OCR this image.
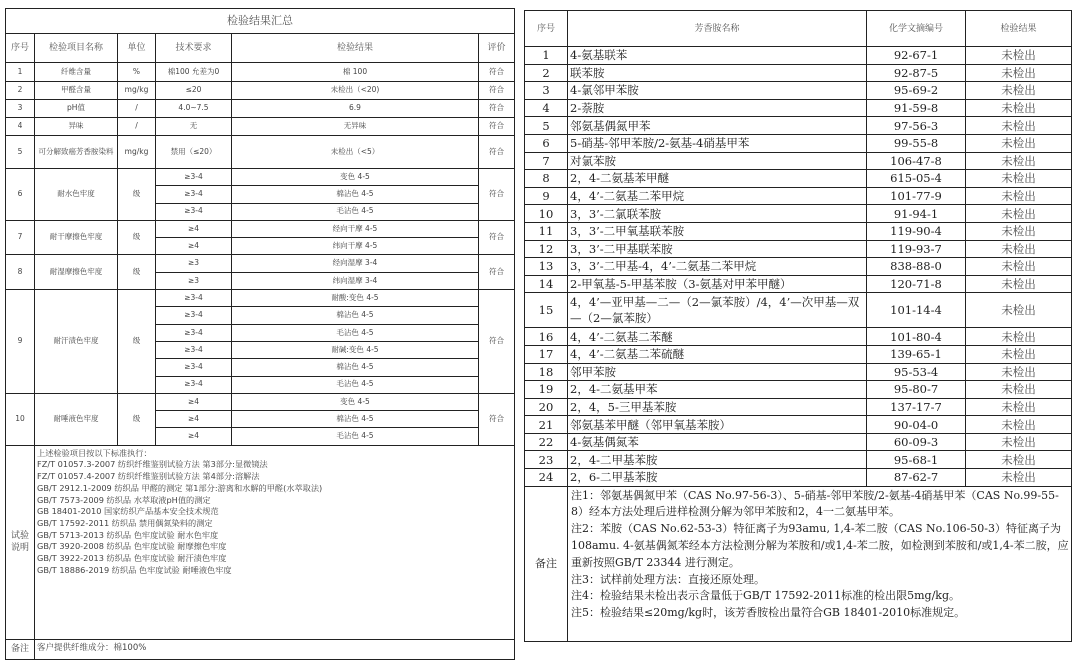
检验结果汇总					
序号	检验项目名称	单位	技术要求	检验结果	评价
1	纤维含量	%	棉100 允差为0	棉 100	符合
2	甲醛含量	mg/kg	≤20	未检出（<20)	符合
3	pH值	/	4.0~7.5	6.9	符合
4	异味	/	无	无异味	符合
5	可分解致癌芳香胺染料	mg/kg	禁用（≤20）	未检出（<5）	符合
6	耐水色牢度	级	≥3-4	变色 4-5	符合
			≥3-4	棉沾色 4-5	
			≥3-4	毛沾色 4-5	
7	耐干摩擦色牢度	级	≥4	经向干摩 4-5	符合
			≥4	纬向干摩 4-5	
8	耐湿摩擦色牢度	级	≥3	经向湿摩 3-4	符合
			≥3	纬向湿摩 3-4	
9	耐汗渍色牢度	级	≥3-4	耐酸:变色 4-5	符合
			≥3-4	棉沾色 4-5	
			≥3-4	毛沾色 4-5	
			≥3-4	耐碱:变色 4-5	
			≥3-4	棉沾色 4-5	
			≥3-4	毛沾色 4-5	
10	耐唾液色牢度	级	≥4	变色 4-5	符合
			≥4	棉沾色 4-5	
			≥4	毛沾色 4-5	
试验
说明	
上述检验项目按以下标准执行：
FZ/T 01057.3-2007 纺织纤维鉴别试验方法 第3部分:显微镜法
FZ/T 01057.4-2007 纺织纤维鉴别试验方法 第4部分:溶解法
GB/T 2912.1-2009 纺织品 甲醛的测定 第1部分:游离和水解的甲醛(水萃取法)
GB/T 7573-2009 纺织品 水萃取液pH值的测定
GB 18401-2010 国家纺织产品基本安全技术规范
GB/T 17592-2011 纺织品 禁用偶氮染料的测定
GB/T 5713-2013 纺织品 色牢度试验 耐水色牢度
GB/T 3920-2008 纺织品 色牢度试验 耐摩擦色牢度
GB/T 3922-2013 纺织品 色牢度试验 耐汗渍色牢度
GB/T 18886-2019 纺织品 色牢度试验 耐唾液色牢度

备注	客户提供纤维成分：棉100%				
序号	芳香胺名称	化学文摘编号	检验结果
1	4-氨基联苯	92-67-1	未检出
2	联苯胺	92-87-5	未检出
3	4-氯邻甲苯胺	95-69-2	未检出
4	2-萘胺	91-59-8	未检出
5	邻氨基偶氮甲苯	97-56-3	未检出
6	5-硝基-邻甲苯胺/2-氨基-4硝基甲苯	99-55-8	未检出
7	对氯苯胺	106-47-8	未检出
8	2，4-二氨基苯甲醚	615-05-4	未检出
9	4，4’-二氨基二苯甲烷	101-77-9	未检出
10	3，3’-二氯联苯胺	91-94-1	未检出
11	3，3’-二甲氧基联苯胺	119-90-4	未检出
12	3，3’-二甲基联苯胺	119-93-7	未检出
13	3，3’-二甲基-4，4’-二氨基二苯甲烷	838-88-0	未检出
14	2-甲氧基-5-甲基苯胺（3-氨基对甲苯甲醚）	120-71-8	未检出
15	4，4’—亚甲基—二—（2—氯苯胺）/4，4’—次甲基—双—（2—氯苯胺）	101-14-4	未检出
16	4，4’-二氨基二苯醚	101-80-4	未检出
17	4，4’-二氨基二苯硫醚	139-65-1	未检出
18	邻甲苯胺	95-53-4	未检出
19	2，4-二氨基甲苯	95-80-7	未检出
20	2，4，5-三甲基苯胺	137-17-7	未检出
21	邻氨基苯甲醚（邻甲氧基苯胺）	90-04-0	未检出
22	4-氨基偶氮苯	60-09-3	未检出
23	2，4-二甲基苯胺	95-68-1	未检出
24	2，6-二甲基苯胺	87-62-7	未检出
备注	注1：邻氨基偶氮甲苯（CAS No.97-56-3）、5-硝基-邻甲苯胺/2-氨基-4硝基甲苯（CAS No.99-55-8）经本方法处理后进样检测分解为邻甲苯胺和2，4一二氨基甲苯。
注2：苯胺（CAS No.62-53-3）特征离子为93amu, 1,4-苯二胺（CAS No.106-50-3）特征离子为108amu. 4-氨基偶氮苯经本方法检测分解为苯胺和/或1,4-苯二胺，如检测到苯胺和/或1,4-苯二胺，应重新按照GB/T 23344 进行测定。
注3：试样前处理方法：直接还原处理。
注4：检验结果未检出表示含量低于GB/T 17592-2011标准的检出限5mg/kg。
注5：检验结果≤20mg/kg时，该芳香胺检出量符合GB 18401-2010标准规定。		
